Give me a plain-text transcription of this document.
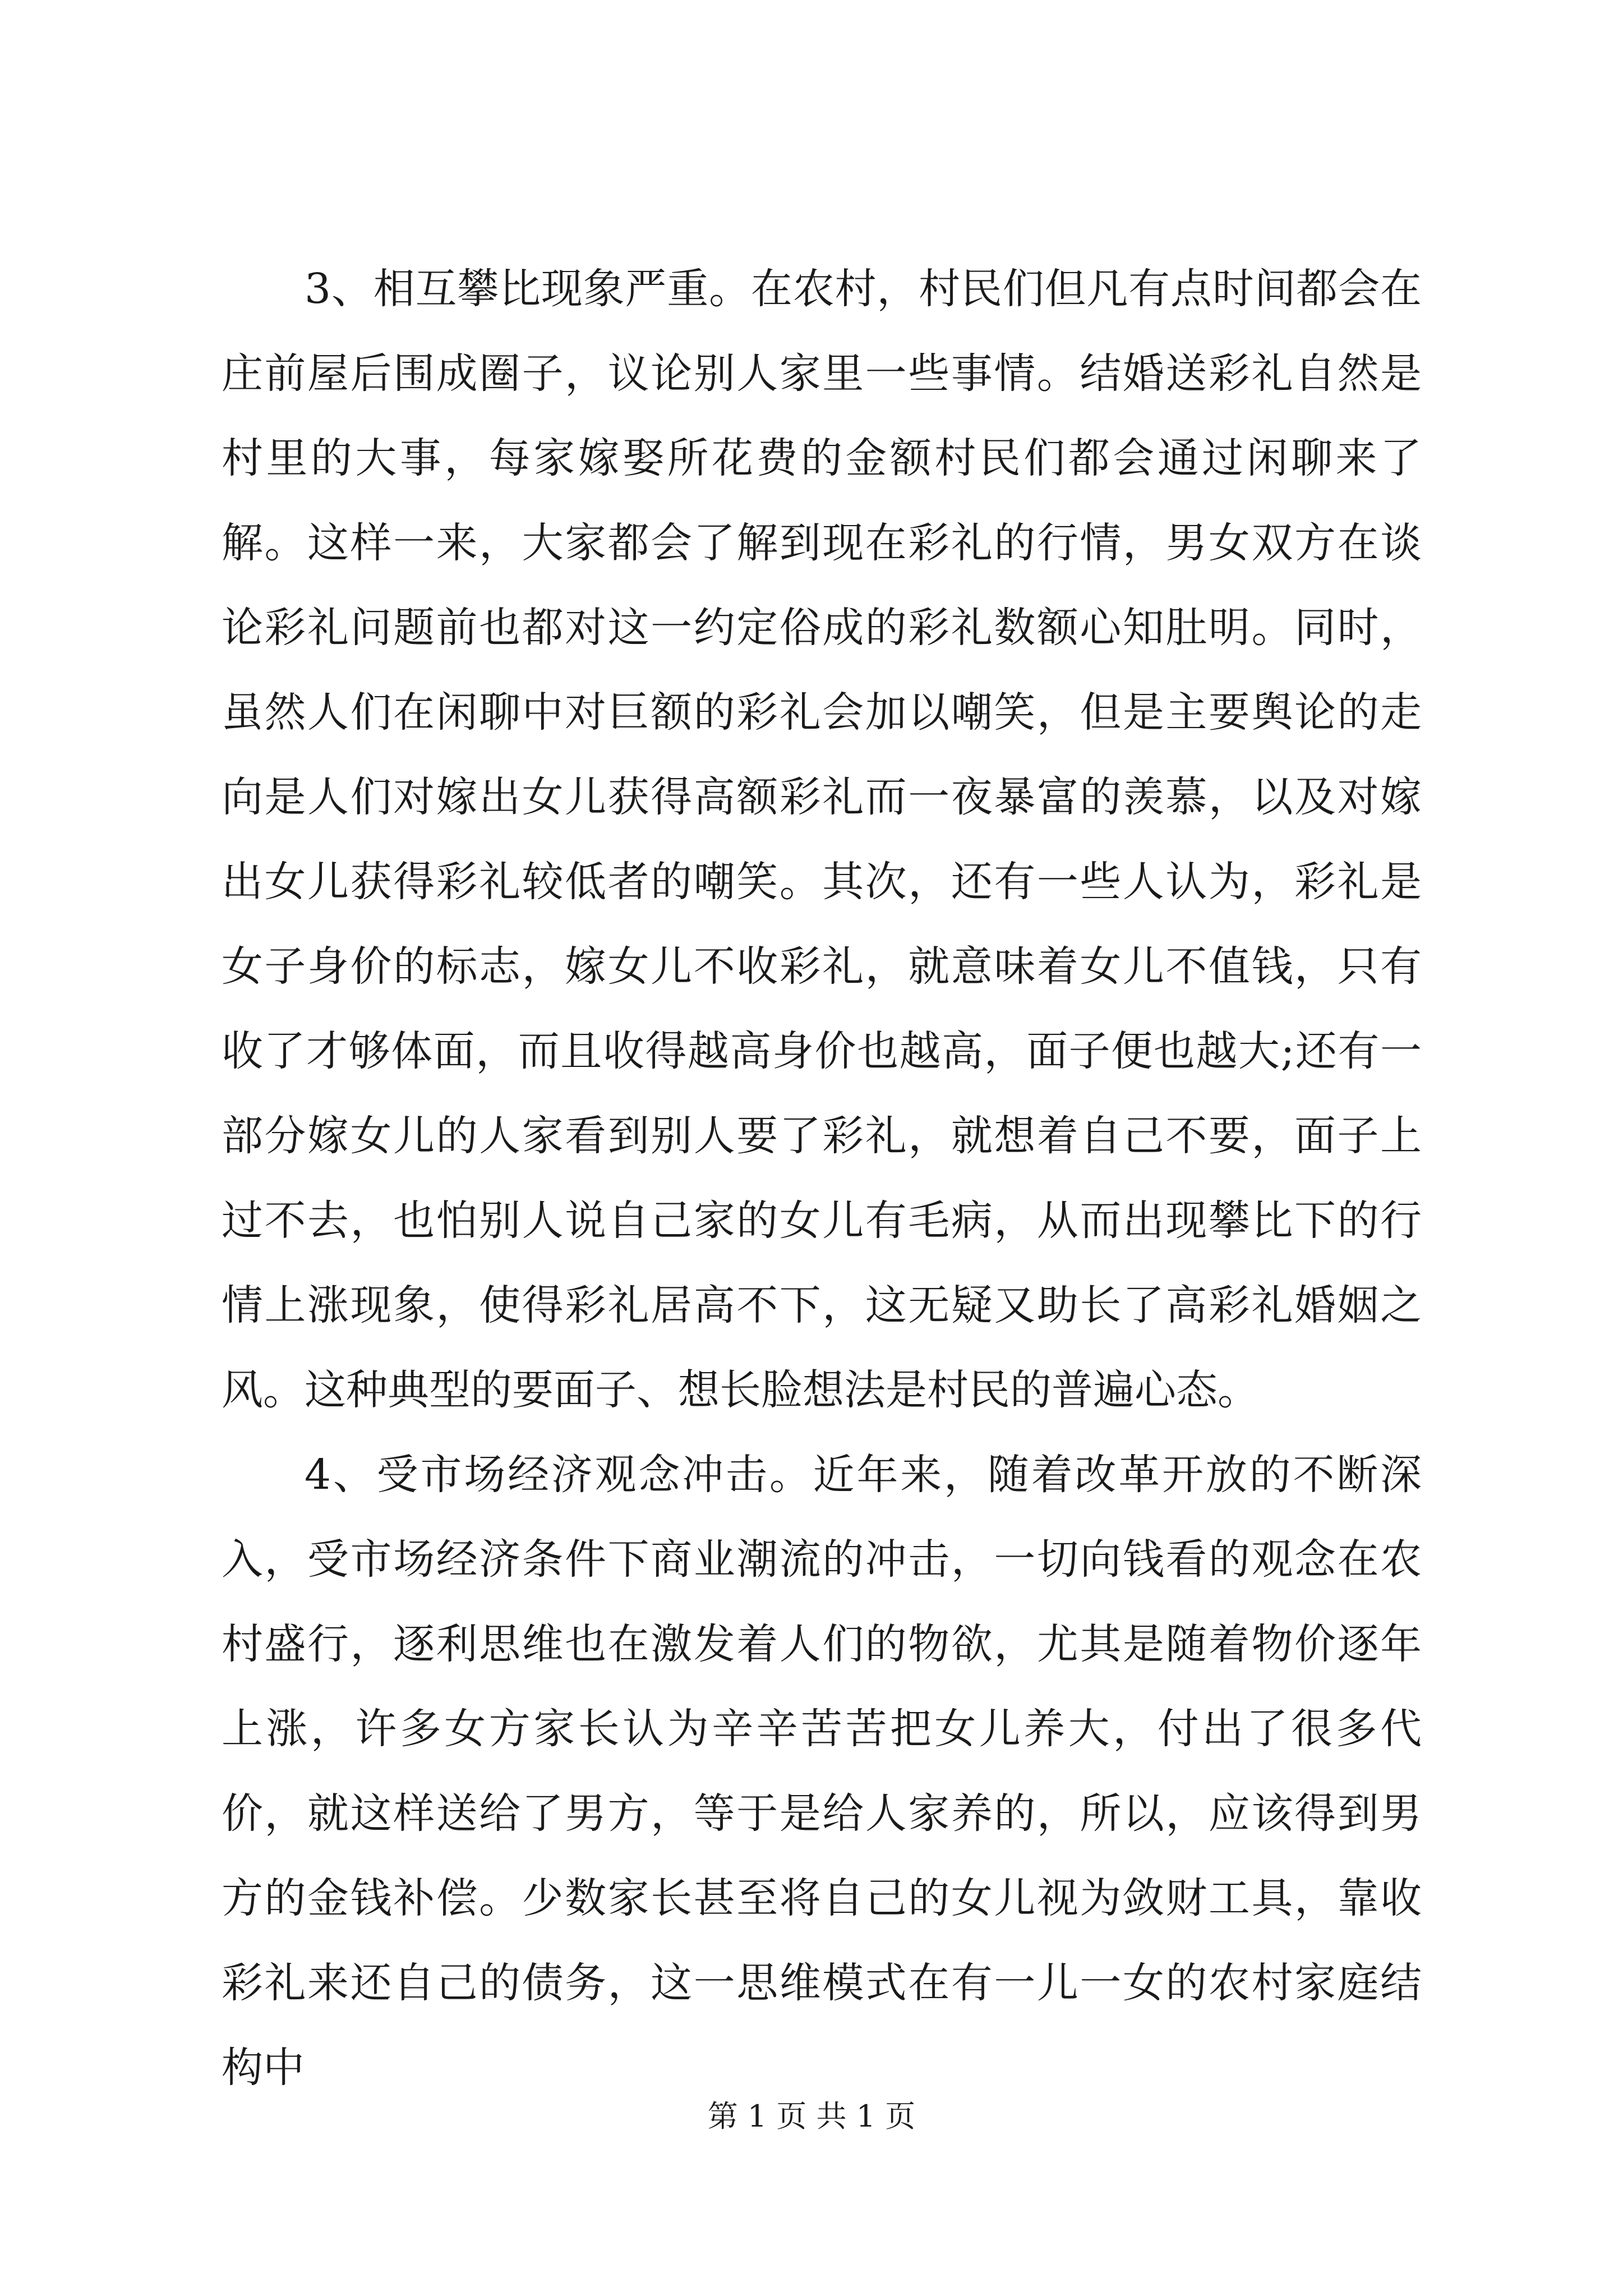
3、相互攀比现象严重。在农村，村民们但凡有点时间都会在庄前屋后围成圈子，议论别人家里一些事情。结婚送彩礼自然是村里的大事，每家嫁娶所花费的金额村民们都会通过闲聊来了解。这样一来，大家都会了解到现在彩礼的行情，男女双方在谈论彩礼问题前也都对这一约定俗成的彩礼数额心知肚明。同时，虽然人们在闲聊中对巨额的彩礼会加以嘲笑，但是主要舆论的走向是人们对嫁出女儿获得高额彩礼而一夜暴富的羡慕，以及对嫁出女儿获得彩礼较低者的嘲笑。其次，还有一些人认为，彩礼是女子身价的标志，嫁女儿不收彩礼，就意味着女儿不值钱，只有收了才够体面，而且收得越高身价也越高，面子便也越大;还有一部分嫁女儿的人家看到别人要了彩礼，就想着自己不要，面子上过不去，也怕别人说自己家的女儿有毛病，从而出现攀比下的行情上涨现象，使得彩礼居高不下，这无疑又助长了高彩礼婚姻之风。这种典型的要面子、想长脸想法是村民的普遍心态。

4、受市场经济观念冲击。近年来，随着改革开放的不断深入，受市场经济条件下商业潮流的冲击，一切向钱看的观念在农村盛行，逐利思维也在激发着人们的物欲，尤其是随着物价逐年上涨，许多女方家长认为辛辛苦苦把女儿养大，付出了很多代价，就这样送给了男方，等于是给人家养的，所以，应该得到男方的金钱补偿。少数家长甚至将自己的女儿视为敛财工具，靠收彩礼来还自己的债务，这一思维模式在有一儿一女的农村家庭结构中

第 1 页 共 1 页
